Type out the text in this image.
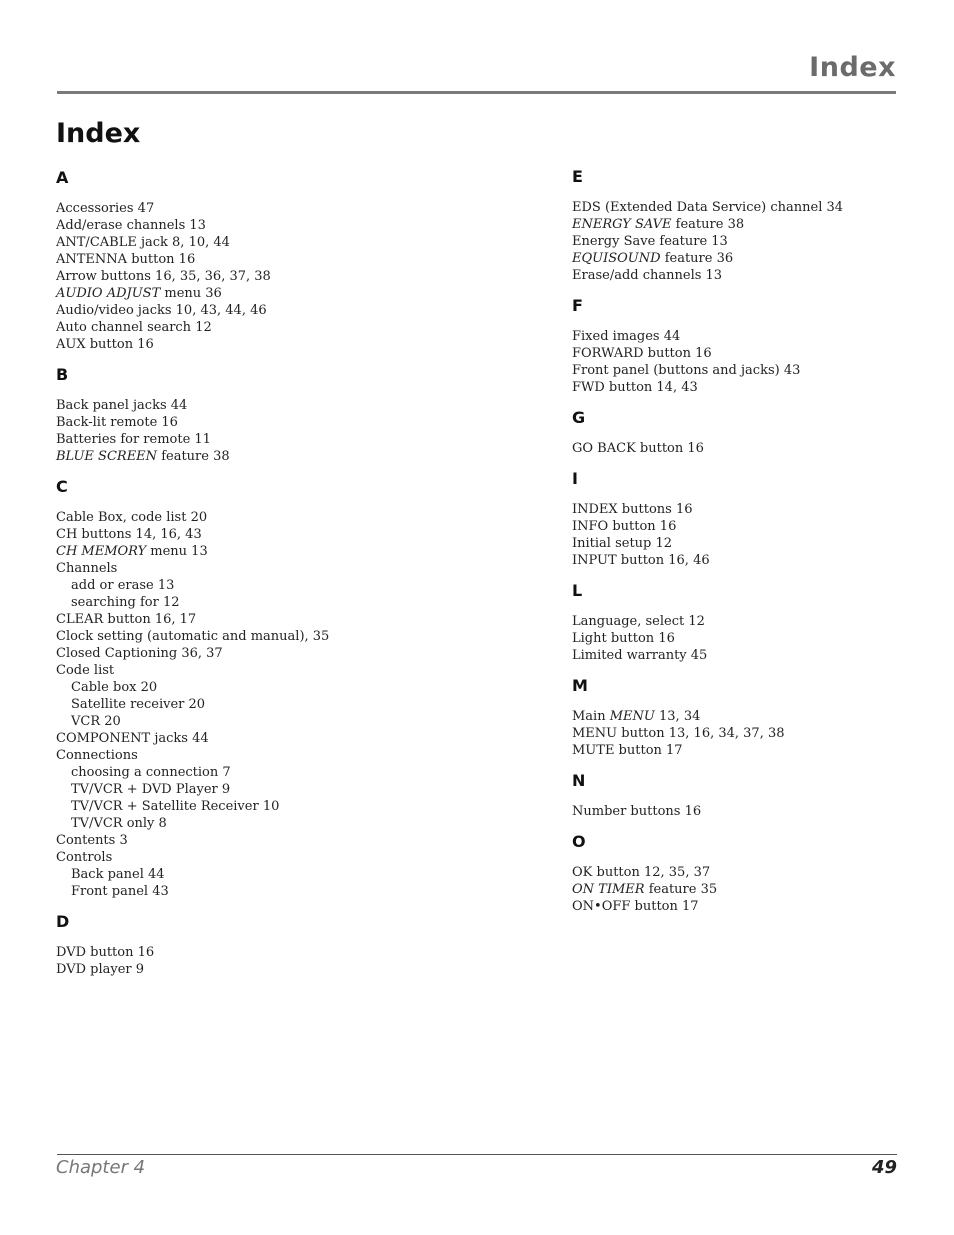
Index
Index
A
Accessories 47
Add/erase channels 13
ANT/CABLE jack 8, 10, 44
ANTENNA button 16
Arrow buttons 16, 35, 36, 37, 38
AUDIO ADJUST menu 36
Audio/video jacks 10, 43, 44, 46
Auto channel search 12
AUX button 16
B
Back panel jacks 44
Back-lit remote 16
Batteries for remote 11
BLUE SCREEN feature 38
C
Cable Box, code list 20
CH buttons 14, 16, 43
CH MEMORY menu 13
Channels
add or erase 13
searching for 12
CLEAR button 16, 17
Clock setting (automatic and manual), 35
Closed Captioning 36, 37
Code list
Cable box 20
Satellite receiver 20
VCR 20
COMPONENT jacks 44
Connections
choosing a connection 7
TV/VCR + DVD Player 9
TV/VCR + Satellite Receiver 10
TV/VCR only 8
Contents 3
Controls
Back panel 44
Front panel 43
D
DVD button 16
DVD player 9
E
EDS (Extended Data Service) channel 34
ENERGY SAVE feature 38
Energy Save feature 13
EQUISOUND feature 36
Erase/add channels 13
F
Fixed images 44
FORWARD button 16
Front panel (buttons and jacks) 43
FWD button 14, 43
G
GO BACK button 16
I
INDEX buttons 16
INFO button 16
Initial setup 12
INPUT button 16, 46
L
Language, select 12
Light button 16
Limited warranty 45
M
Main MENU 13, 34
MENU button 13, 16, 34, 37, 38
MUTE button 17
N
Number buttons 16
O
OK button 12, 35, 37
ON TIMER feature 35
ON•OFF button 17
Chapter 4	49
